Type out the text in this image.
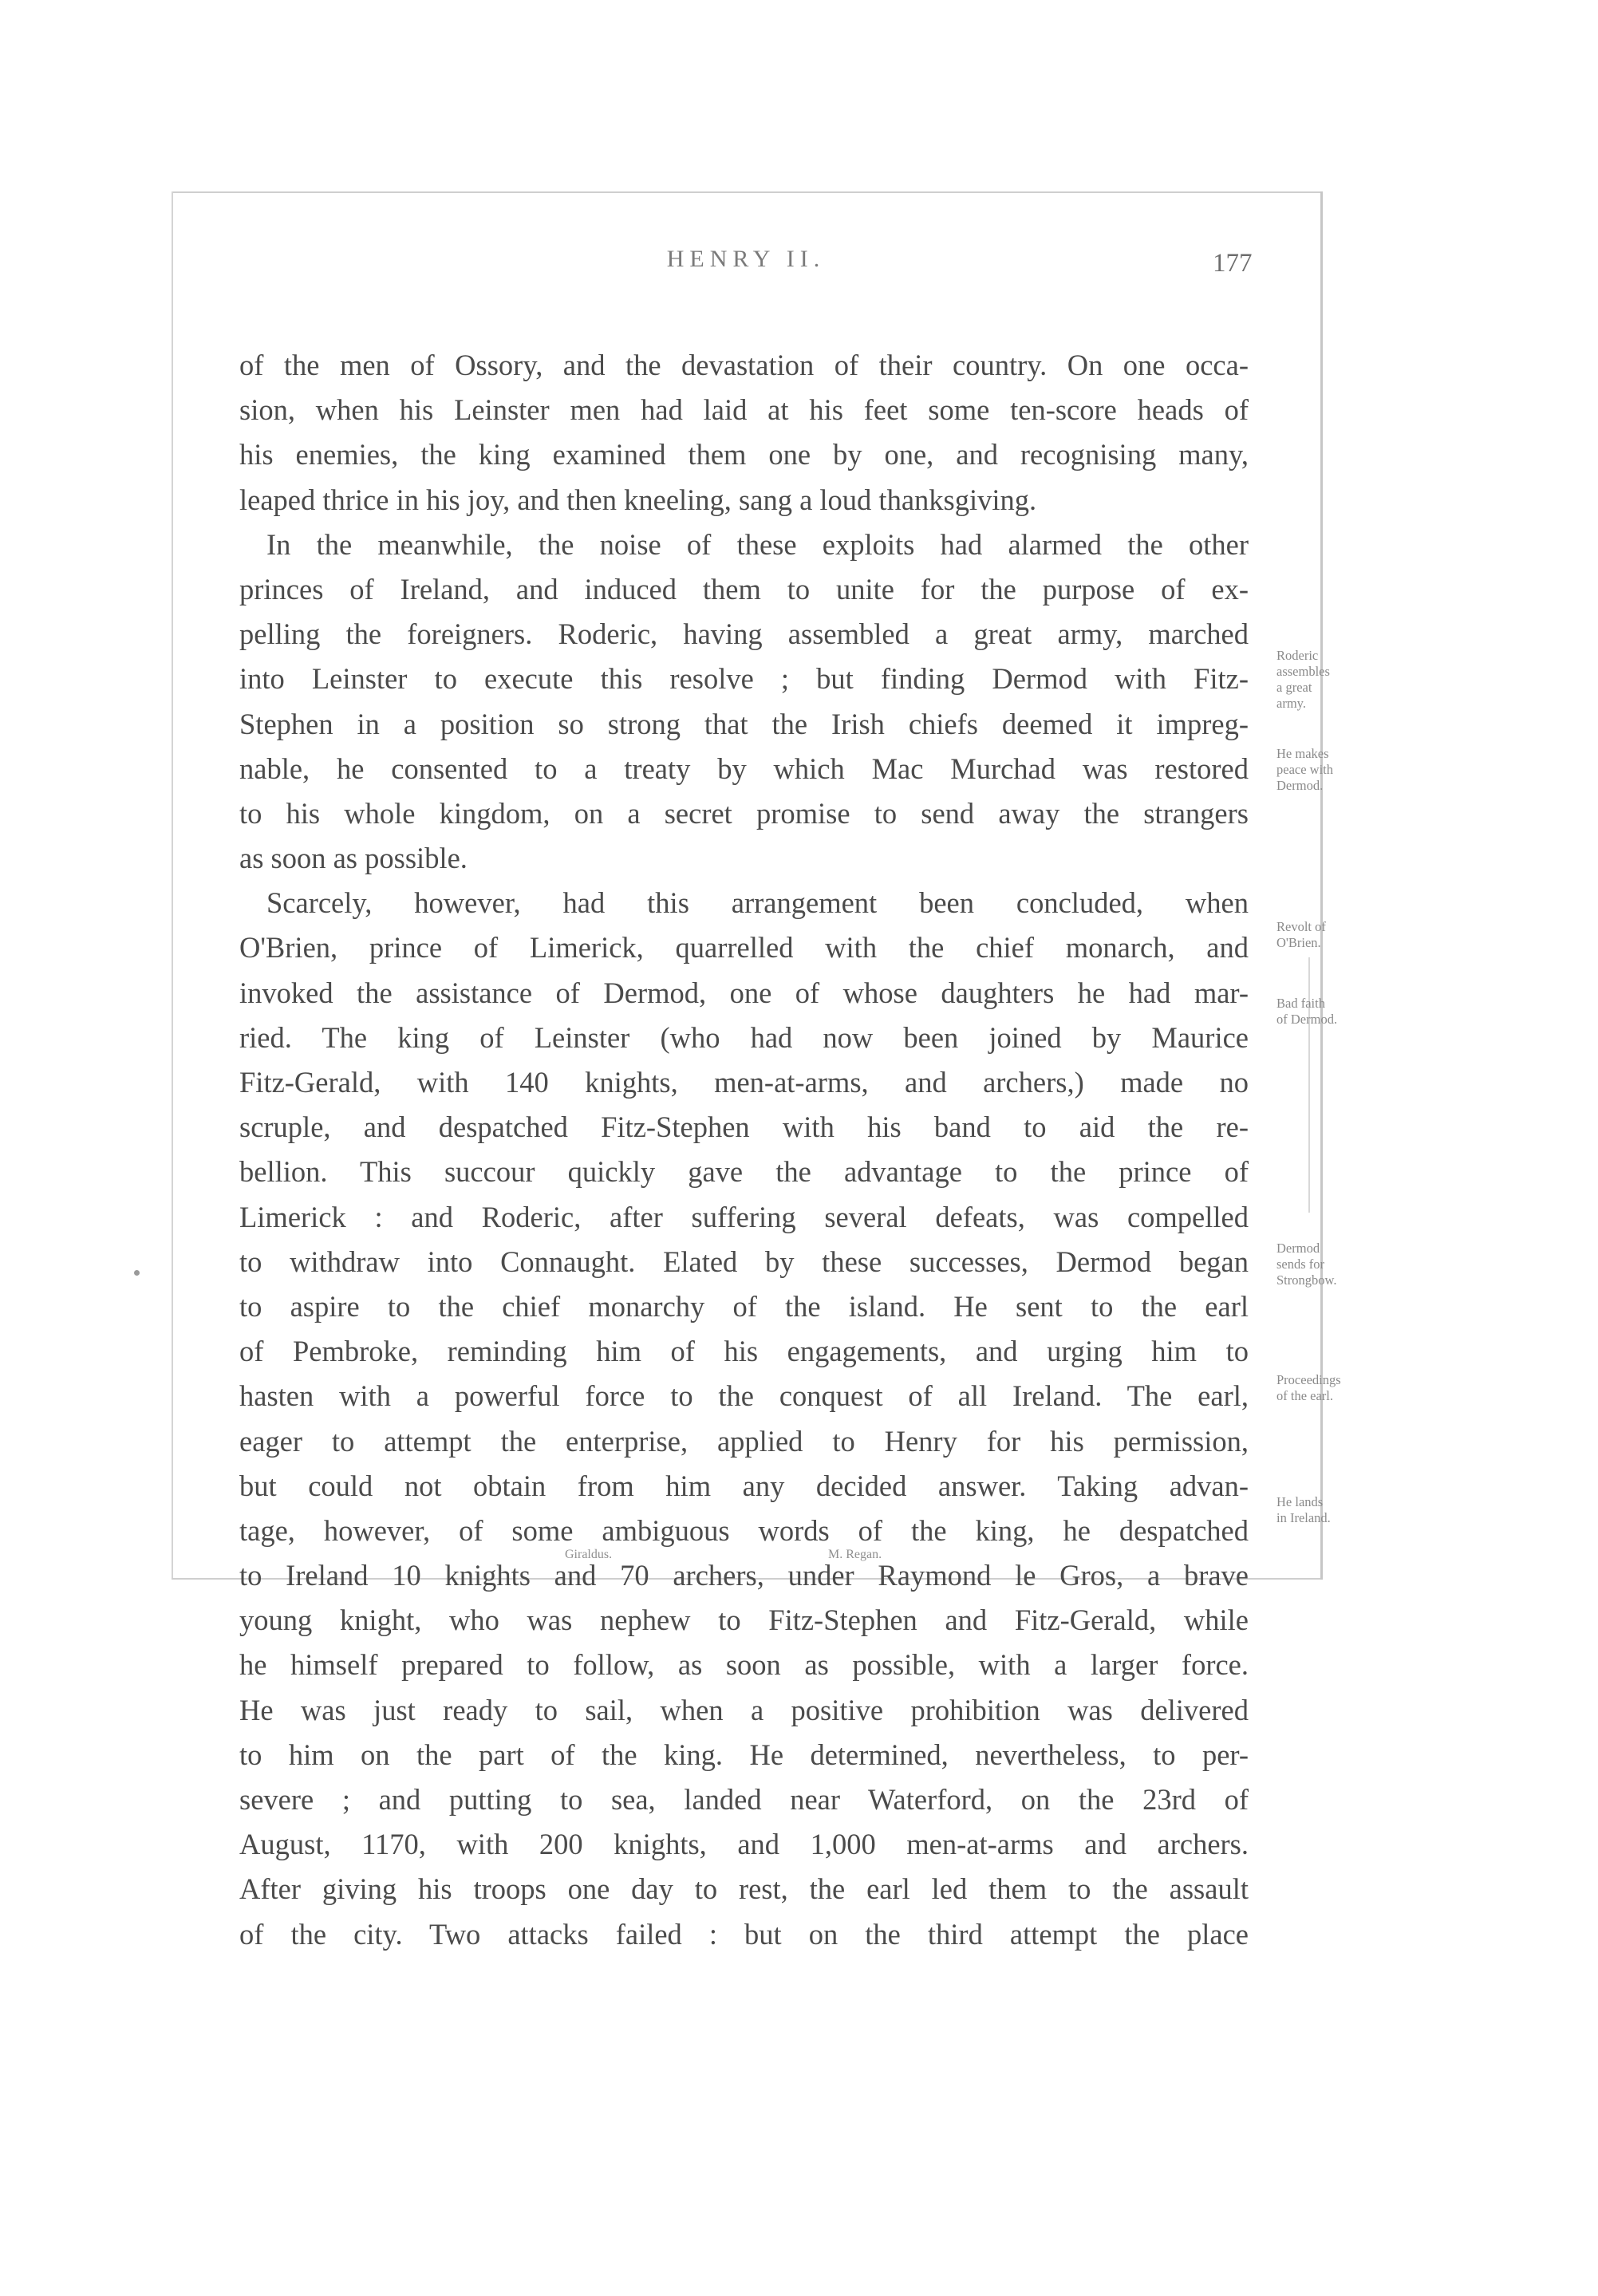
HENRY II.	177
of the men of Ossory, and the devastation of their country. On one occa-
sion, when his Leinster men had laid at his feet some ten-score heads of
his enemies, the king examined them one by one, and recognising many,
leaped thrice in his joy, and then kneeling, sang a loud thanksgiving.
In the meanwhile, the noise of these exploits had alarmed the other
princes of Ireland, and induced them to unite for the purpose of ex-
pelling the foreigners. Roderic, having assembled a great army, marched
into Leinster to execute this resolve ; but finding Dermod with Fitz-
Stephen in a position so strong that the Irish chiefs deemed it impreg-
nable, he consented to a treaty by which Mac Murchad was restored
to his whole kingdom, on a secret promise to send away the strangers
as soon as possible.
Scarcely, however, had this arrangement been concluded, when
O'Brien, prince of Limerick, quarrelled with the chief monarch, and
invoked the assistance of Dermod, one of whose daughters he had mar-
ried. The king of Leinster (who had now been joined by Maurice
Fitz-Gerald, with 140 knights, men-at-arms, and archers,) made no
scruple, and despatched Fitz-Stephen with his band to aid the re-
bellion. This succour quickly gave the advantage to the prince of
Limerick : and Roderic, after suffering several defeats, was compelled
to withdraw into Connaught. Elated by these successes, Dermod began
to aspire to the chief monarchy of the island. He sent to the earl
of Pembroke, reminding him of his engagements, and urging him to
hasten with a powerful force to the conquest of all Ireland. The earl,
eager to attempt the enterprise, applied to Henry for his permission,
but could not obtain from him any decided answer. Taking advan-
tage, however, of some ambiguous words of the king, he despatched
to Ireland 10 knights and 70 archers, under Raymond le Gros, a brave
young knight, who was nephew to Fitz-Stephen and Fitz-Gerald, while
he himself prepared to follow, as soon as possible, with a larger force.
He was just ready to sail, when a positive prohibition was delivered
to him on the part of the king. He determined, nevertheless, to per-
severe ; and putting to sea, landed near Waterford, on the 23rd of
August, 1170, with 200 knights, and 1,000 men-at-arms and archers.
After giving his troops one day to rest, the earl led them to the assault
of the city. Two attacks failed : but on the third attempt the place
Roderic
assembles
a great
army.
He makes
peace with
Dermod.
Revolt of
O'Brien.
Bad faith
of Dermod.
Dermod
sends for
Strongbow.
Proceedings
of the earl.
He lands
in Ireland.
Giraldus.	M. Regan.
